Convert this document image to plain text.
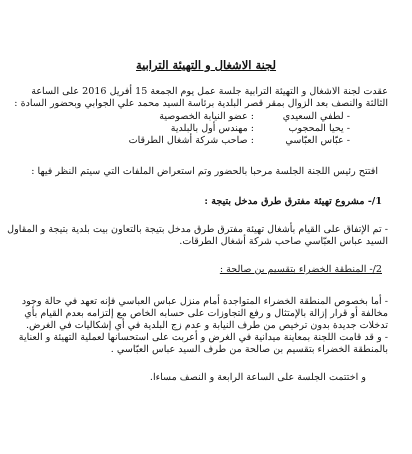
لجنة الاشغال و التهيئة الترابية
عقدت لجنة الاشغال و التهيئة الترابية جلسة عمل يوم الجمعة 15 أفريل 2016 على الساعة
الثالثة والنصف بعد الزوال بمقر قصر البلدية برئاسة السيد محمد علي الجوابي وبحضور السادة :
- لطفي السعيدي: عضو النيابة الخصوصية
- يحيا المحجوب: مهندس أول بالبلدية
- عبّاس العبّاسي: صاحب شركة أشغال الطرقات
افتتح رئيس اللجنة الجلسة مرحبا بالحضور وتم استعراض الملفات التي سيتم النظر فيها :
1/- مشروع تهيئة مفترق طرق مدخل بتيجة :
- تم الإتفاق على القيام بأشغال تهيئة مفترق طرق مدخل بتيجة بالتعاون بيت بلدية بتيجة و المقاول
السيد عباس العبّاسي صاحب شركة أشغال الطرقات.
2/- المنطقة الخضراء بتقسيم بن صالحة :
- أما بخصوص المنطقة الخضراء المتواجدة أمام منزل عباس العباسي فإنه تعهد في حالة وجود
مخالفة أو قرار إزالة بالإمتثال و رفع التجاوزات على حسابه الخاص مع إلتزامه بعدم القيام بأي
تدخلات جديدة بدون ترخيص من طرف النيابة و عدم زج البلدية في أي إشكاليات في الغرض.
- و قد قامت اللجنة بمعاينة ميدانية في الغرض و أعربت على استحسانها لعملية التهيئة و العناية
بالمنطقة الخضراء بتقسيم بن صالحة من طرف السيد عباس العبّاسي .
و اختتمت الجلسة على الساعة الرابعة و النصف مساءا.
